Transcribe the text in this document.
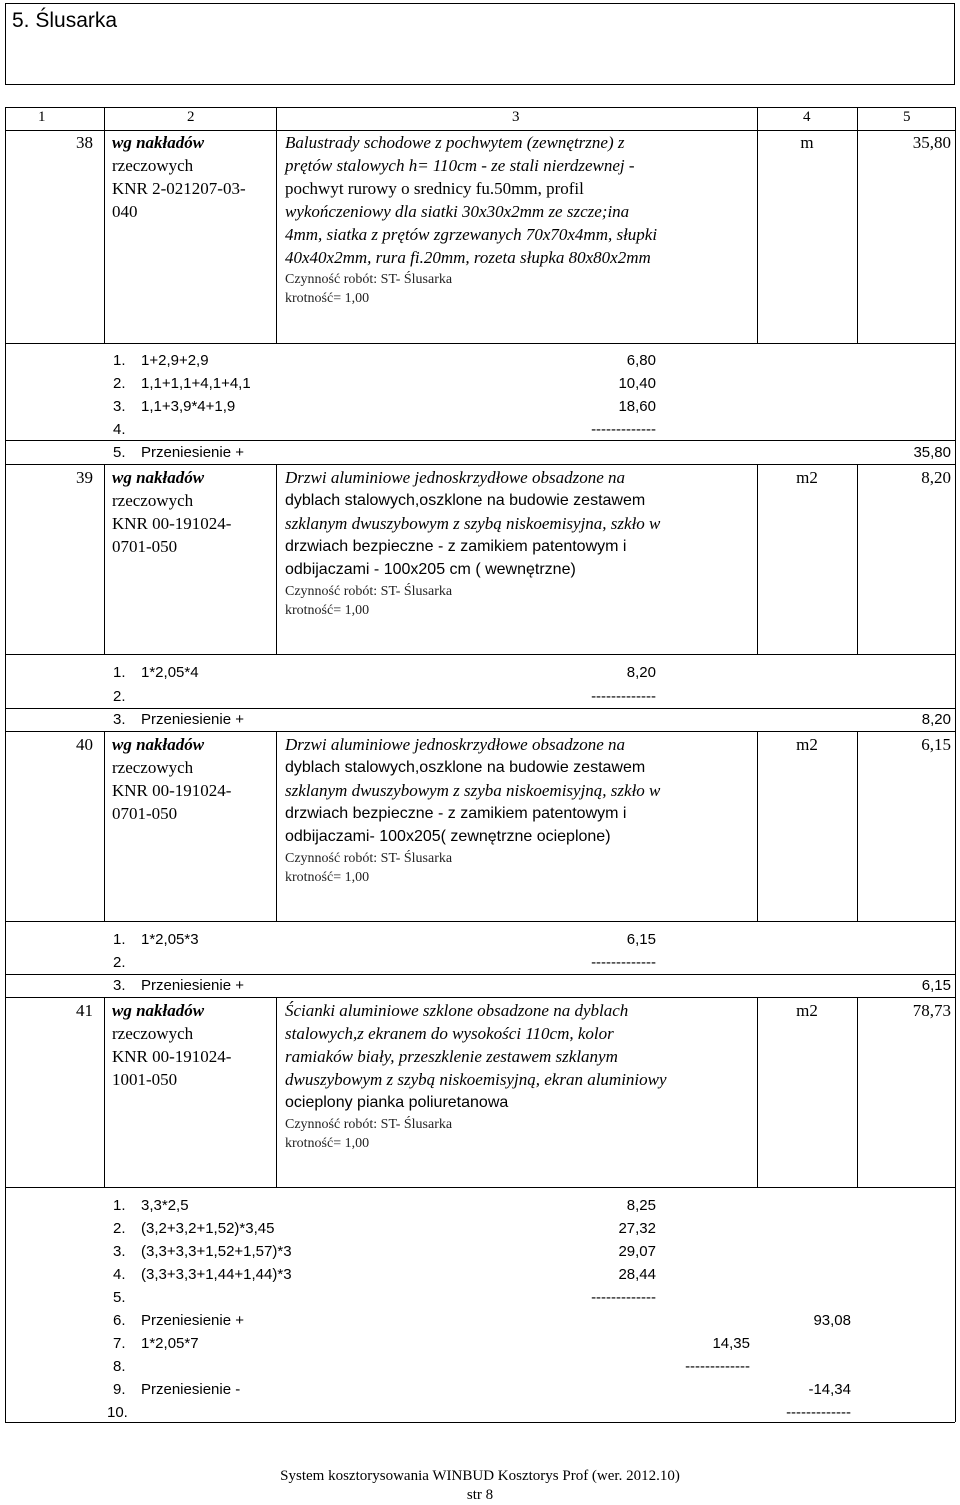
5. Ślusarka
1	2	3	4	5
38 wg nakładów
rzeczowych
KNR 2-021207-03-
040
Balustrady schodowe z pochwytem (zewnętrzne) z
prętów stalowych h= 110cm - ze stali nierdzewnej -
pochwyt rurowy o srednicy fu.50mm, profil
wykończeniowy dla siatki 30x30x2mm ze szcze;ina
4mm, siatka z prętów zgrzewanych 70x70x4mm, słupki
40x40x2mm, rura fi.20mm, rozeta słupka 80x80x2mm
Czynność robót: ST- Ślusarka
krotność= 1,00
m	35,80
1. 1+2,9+2,9	6,80
2. 1,1+1,1+4,1+4,1	10,40
3. 1,1+3,9*4+1,9	18,60
4.	-------------
5. Przeniesienie +	35,80
39 wg nakładów
rzeczowych
KNR 00-191024-
0701-050
Drzwi aluminiowe jednoskrzydłowe obsadzone na
dyblach stalowych,oszklone na budowie zestawem
szklanym dwuszybowym z szybą niskoemisyjna, szkło w
drzwiach bezpieczne - z zamikiem patentowym i
odbijaczami - 100x205 cm ( wewnętrzne)
Czynność robót: ST- Ślusarka
krotność= 1,00
m2	8,20
1. 1*2,05*4	8,20
2.	-------------
3. Przeniesienie +	8,20
40 wg nakładów
rzeczowych
KNR 00-191024-
0701-050
Drzwi aluminiowe jednoskrzydłowe obsadzone na
dyblach stalowych,oszklone na budowie zestawem
szklanym dwuszybowym z szyba niskoemisyjną, szkło w
drzwiach bezpieczne - z zamikiem patentowym i
odbijaczami- 100x205( zewnętrzne ocieplone)
Czynność robót: ST- Ślusarka
krotność= 1,00
m2	6,15
1. 1*2,05*3	6,15
2.	-------------
3. Przeniesienie +	6,15
41 wg nakładów
rzeczowych
KNR 00-191024-
1001-050
Ścianki aluminiowe szklone obsadzone na dyblach
stalowych,z ekranem do wysokości 110cm, kolor
ramiaków biały, przeszklenie zestawem szklanym
dwuszybowym z szybą niskoemisyjną, ekran aluminiowy
ocieplony pianka poliuretanowa
Czynność robót: ST- Ślusarka
krotność= 1,00
m2	78,73
1. 3,3*2,5	8,25
2. (3,2+3,2+1,52)*3,45	27,32
3. (3,3+3,3+1,52+1,57)*3	29,07
4. (3,3+3,3+1,44+1,44)*3	28,44
5.	-------------
6. Przeniesienie +	93,08
7. 1*2,05*7	14,35
8.	-------------
9. Przeniesienie -	-14,34
10.	-------------
System kosztorysowania WINBUD Kosztorys Prof (wer. 2012.10)
str 8
